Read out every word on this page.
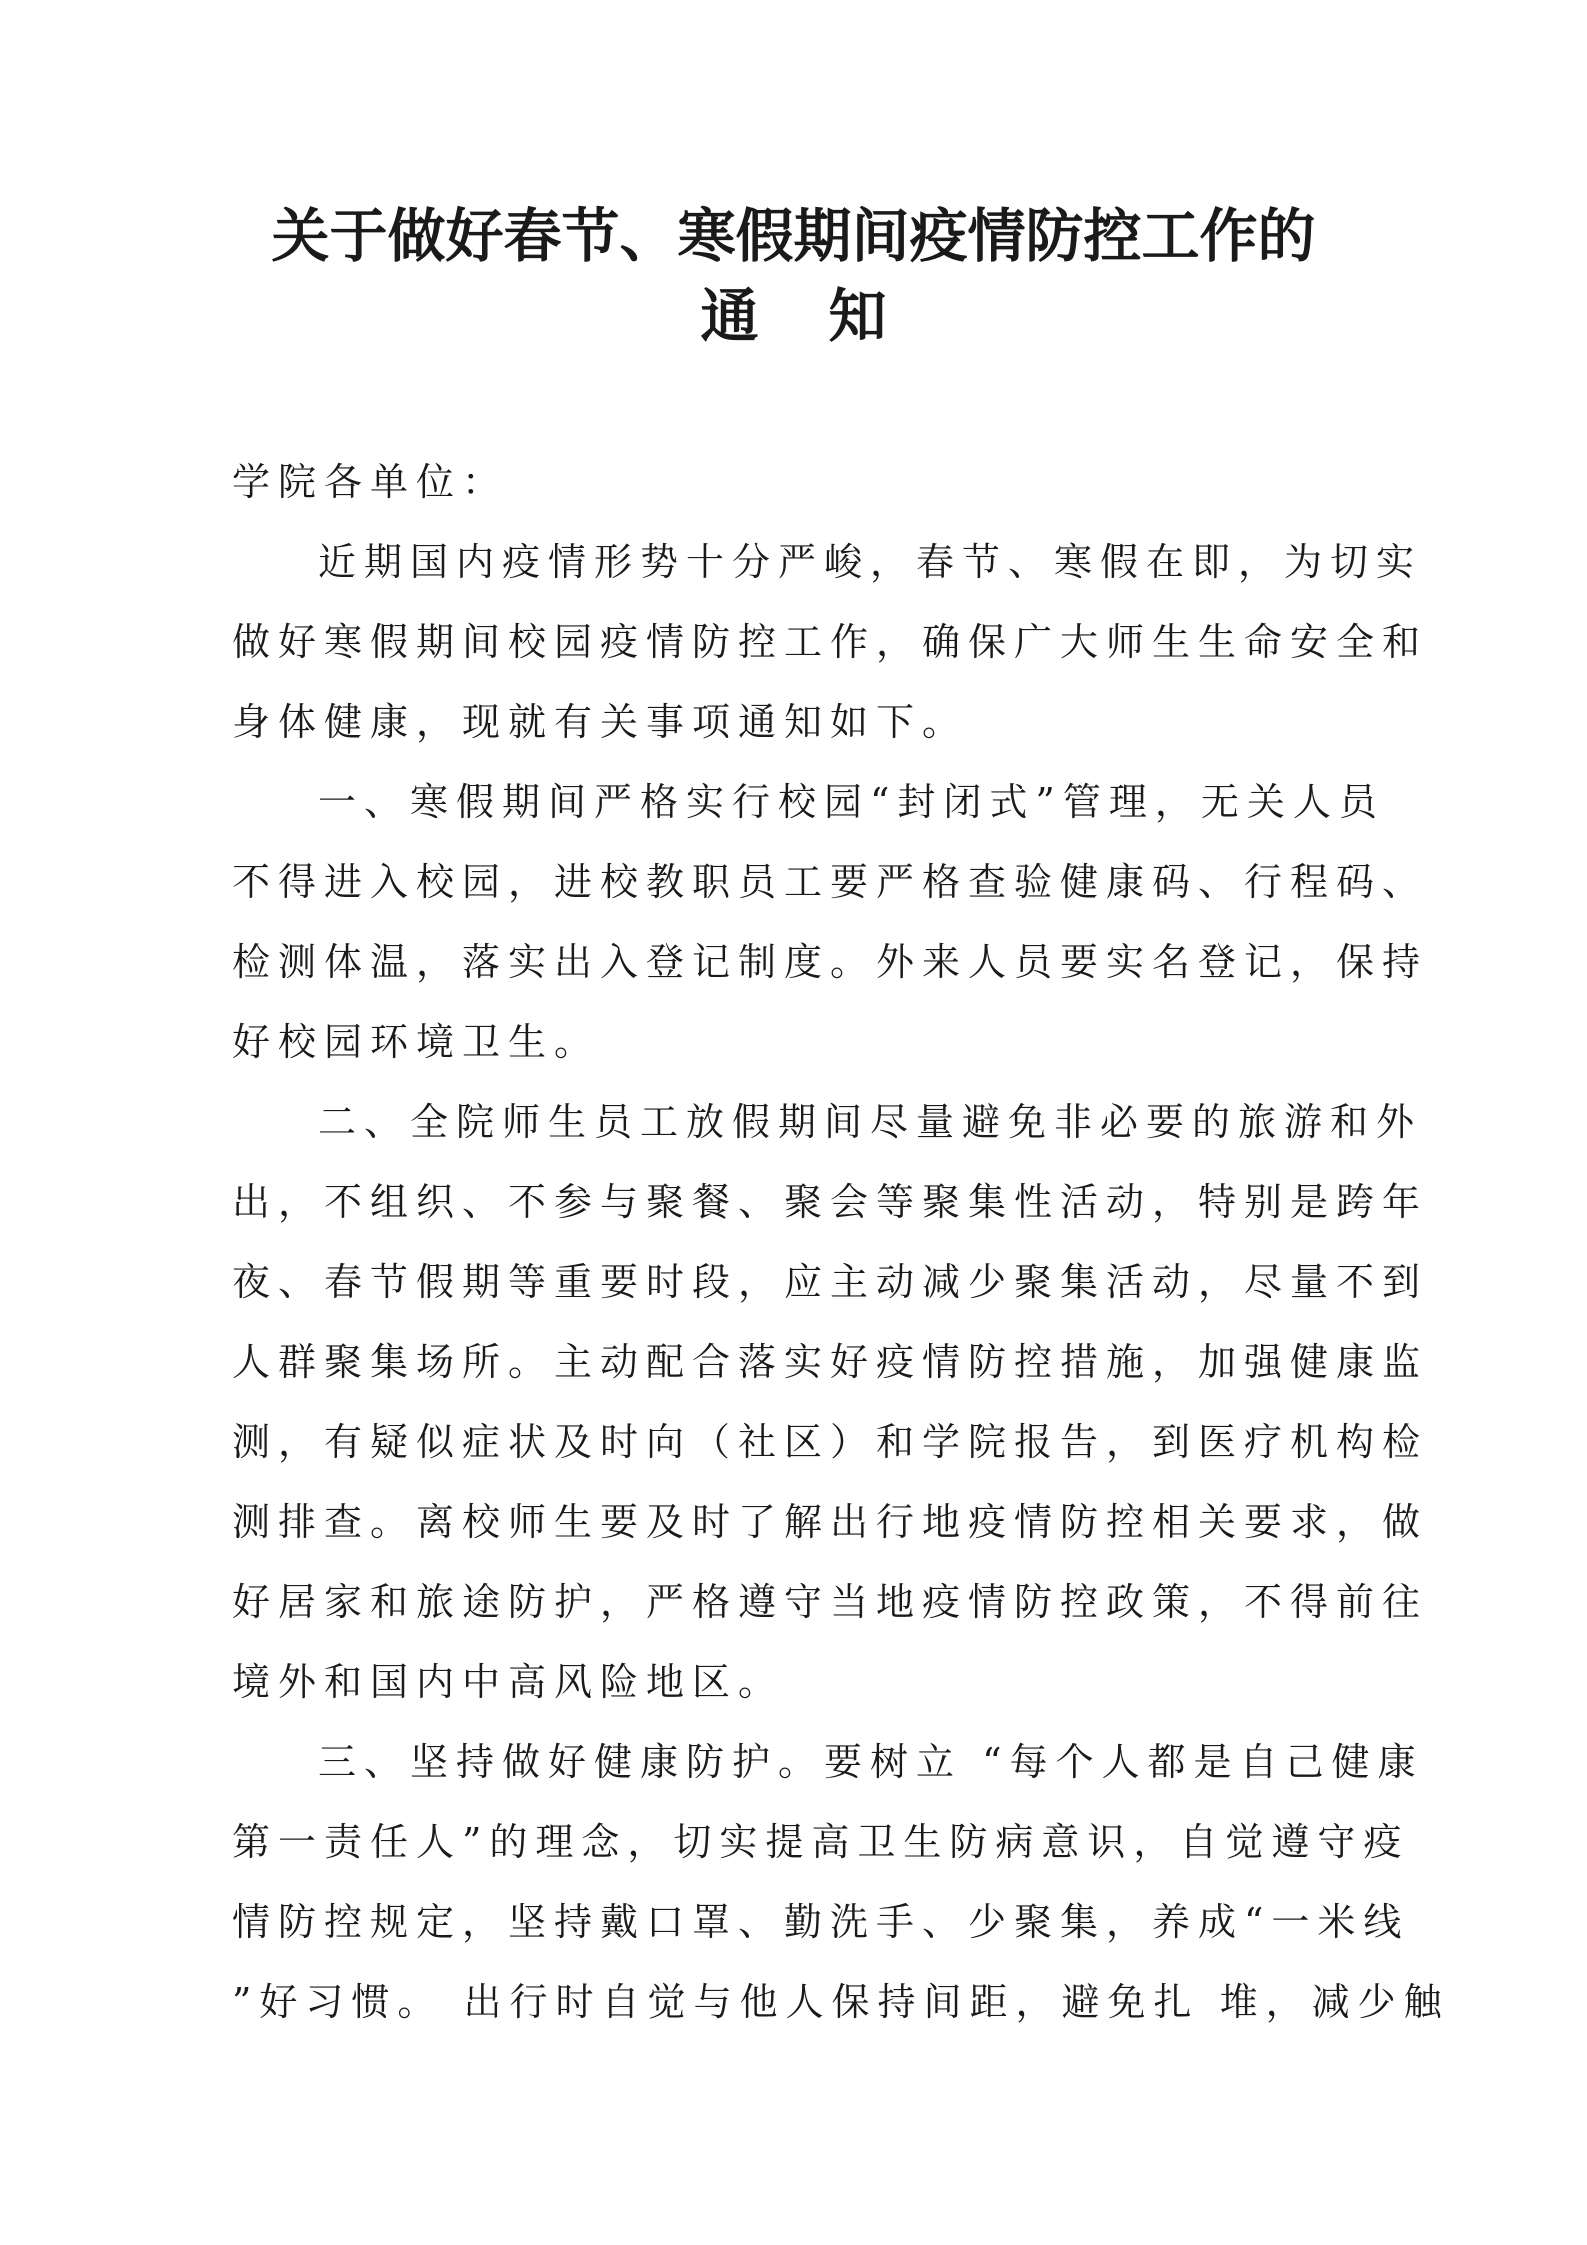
关于做好春节、寒假期间疫情防控工作的
通 知
学院各单位：
近期国内疫情形势十分严峻，春节、寒假在即，为切实
做好寒假期间校园疫情防控工作，确保广大师生生命安全和
身体健康，现就有关事项通知如下。
一、寒假期间严格实行校园“封闭式”管理，无关人员
不得进入校园，进校教职员工要严格查验健康码、行程码、
检测体温，落实出入登记制度。外来人员要实名登记，保持
好校园环境卫生。
二、全院师生员工放假期间尽量避免非必要的旅游和外
出，不组织、不参与聚餐、聚会等聚集性活动，特别是跨年
夜、春节假期等重要时段，应主动减少聚集活动，尽量不到
人群聚集场所。主动配合落实好疫情防控措施，加强健康监
测，有疑似症状及时向（社区）和学院报告，到医疗机构检
测排查。离校师生要及时了解出行地疫情防控相关要求，做
好居家和旅途防护，严格遵守当地疫情防控政策，不得前往
境外和国内中高风险地区。
三、坚持做好健康防护。要树立 “每个人都是自己健康
第一责任人”的理念，切实提高卫生防病意识，自觉遵守疫
情防控规定，坚持戴口罩、勤洗手、少聚集，养成“一米线
”好习惯。 出行时自觉与他人保持间距，避免扎 堆，减少触
